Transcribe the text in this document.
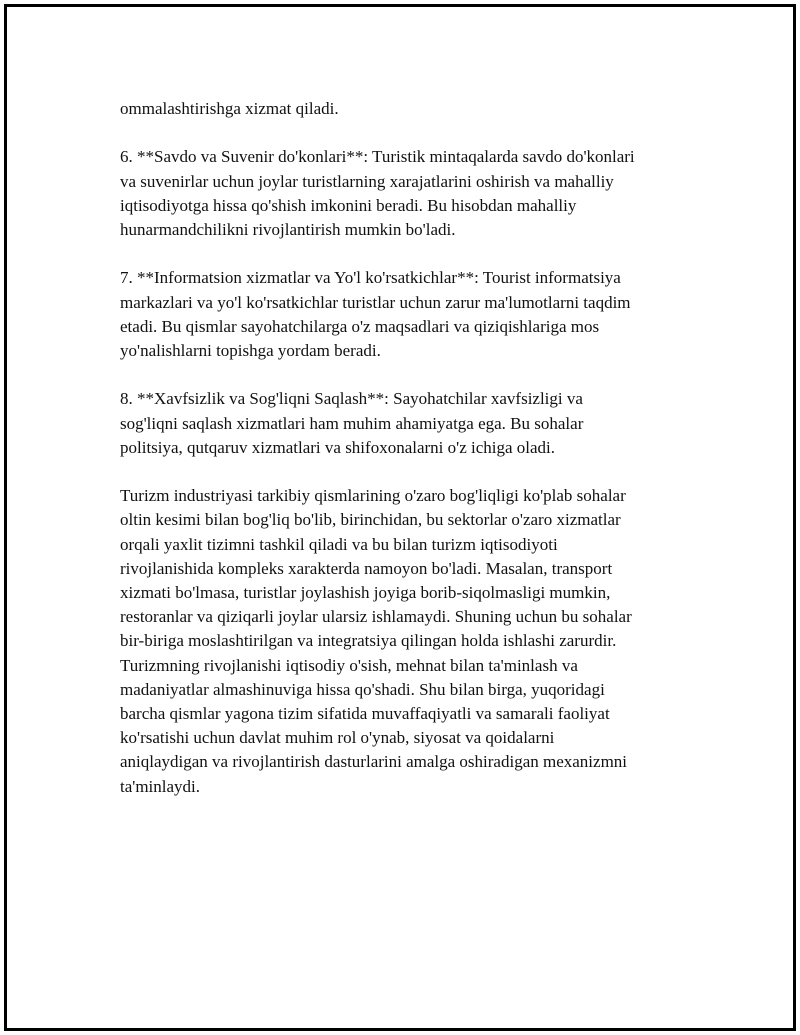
ommalashtirishga xizmat qiladi.

6. **Savdo va Suvenir do'konlari**: Turistik mintaqalarda savdo do'konlari
va suvenirlar uchun joylar turistlarning xarajatlarini oshirish va mahalliy
iqtisodiyotga hissa qo'shish imkonini beradi. Bu hisobdan mahalliy
hunarmandchilikni rivojlantirish mumkin bo'ladi.

7. **Informatsion xizmatlar va Yo'l ko'rsatkichlar**: Tourist informatsiya
markazlari va yo'l ko'rsatkichlar turistlar uchun zarur ma'lumotlarni taqdim
etadi. Bu qismlar sayohatchilarga o'z maqsadlari va qiziqishlariga mos
yo'nalishlarni topishga yordam beradi.

8. **Xavfsizlik va Sog'liqni Saqlash**: Sayohatchilar xavfsizligi va
sog'liqni saqlash xizmatlari ham muhim ahamiyatga ega. Bu sohalar
politsiya, qutqaruv xizmatlari va shifoxonalarni o'z ichiga oladi.

Turizm industriyasi tarkibiy qismlarining o'zaro bog'liqligi ko'plab sohalar
oltin kesimi bilan bog'liq bo'lib, birinchidan, bu sektorlar o'zaro xizmatlar
orqali yaxlit tizimni tashkil qiladi va bu bilan turizm iqtisodiyoti
rivojlanishida kompleks xarakterda namoyon bo'ladi. Masalan, transport
xizmati bo'lmasa, turistlar joylashish joyiga borib-siqolmasligi mumkin,
restoranlar va qiziqarli joylar ularsiz ishlamaydi. Shuning uchun bu sohalar
bir-biriga moslashtirilgan va integratsiya qilingan holda ishlashi zarurdir.
Turizmning rivojlanishi iqtisodiy o'sish, mehnat bilan ta'minlash va
madaniyatlar almashinuviga hissa qo'shadi. Shu bilan birga, yuqoridagi
barcha qismlar yagona tizim sifatida muvaffaqiyatli va samarali faoliyat
ko'rsatishi uchun davlat muhim rol o'ynab, siyosat va qoidalarni
aniqlaydigan va rivojlantirish dasturlarini amalga oshiradigan mexanizmni
ta'minlaydi.
